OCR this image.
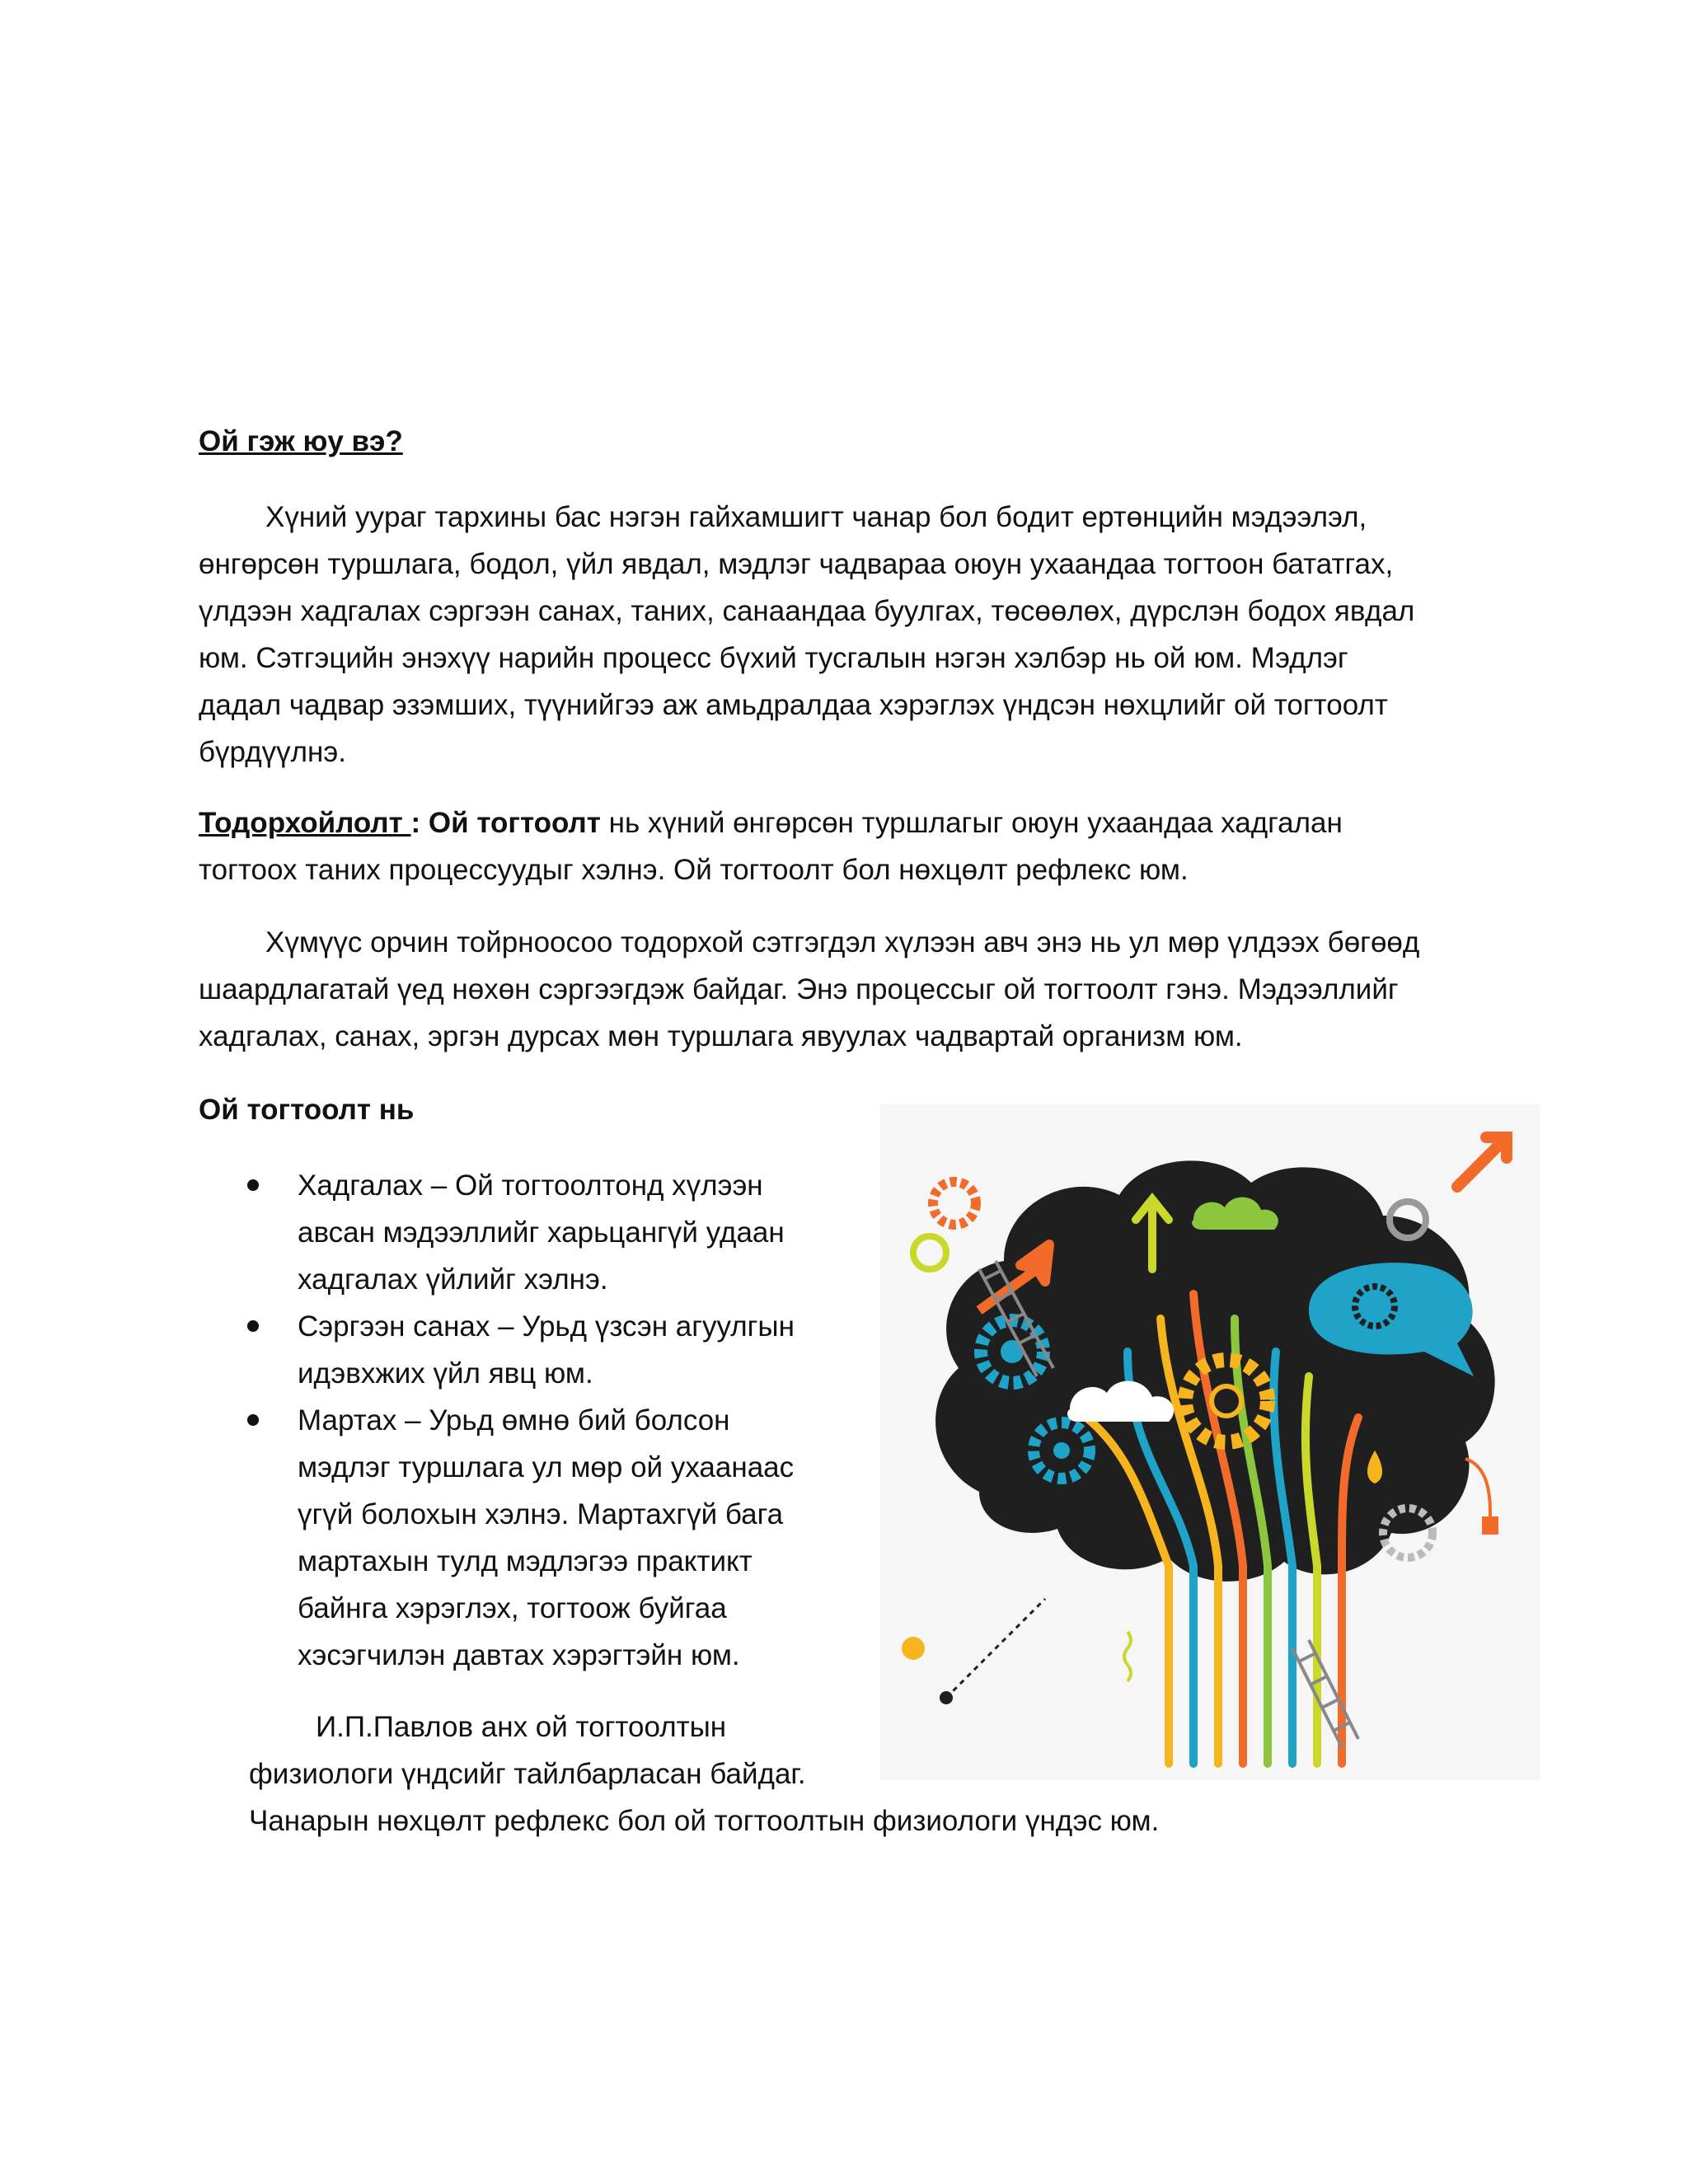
Ой гэж юу вэ?
Хүний ууpаг тархины бас нэгэн гайхамшигт чанар бол бодит ертөнцийн мэдээлэл,
өнгөрсөн туршлага, бодол, үйл явдал, мэдлэг чадвараа оюун ухаандаа тогтоон бататгах,
үлдээн хадгалах сэргээн санах, таних, санаандаа буулгах, төсөөлөх, дүрслэн бодох явдал
юм. Сэтгэцийн энэхүү нарийн процесс бүхий тусгалын нэгэн хэлбэр нь ой юм. Мэдлэг
дадал чадвар эзэмших, түүнийгээ аж амьдралдаа хэрэглэх үндсэн нөхцлийг ой тогтоолт
бүрдүүлнэ.
Тодорхойлолт : Ой тогтоолт нь хүний өнгөрсөн туршлагыг оюун ухаандаа хадгалан
тогтоох таних процессуудыг хэлнэ. Ой тогтоолт бол нөхцөлт рефлекс юм.
Хүмүүс орчин тойрноосоо тодорхой сэтгэгдэл хүлээн авч энэ нь ул мөр үлдээх бөгөөд
шаардлагатай үед нөхөн сэргээгдэж байдаг. Энэ процессыг ой тогтоолт гэнэ. Мэдээллийг
хадгалах, санах, эргэн дурсах мөн туршлага явуулах чадвартай организм юм.
Ой тогтоолт нь
Хадгалах – Ой тогтоолтонд хүлээн
авсан мэдээллийг харьцангүй удаан
хадгалах үйлийг хэлнэ.
Сэргээн санах – Урьд үзсэн агуулгын
идэвхжих үйл явц юм.
Мартах – Урьд өмнө бий болсон
мэдлэг туршлага ул мөр ой ухаанаас
үгүй болохын хэлнэ. Мартахгүй бага
мартахын тулд мэдлэгээ практикт
байнга хэрэглэх, тогтоож буйгаа
хэсэгчилэн давтах хэрэгтэйн юм.
И.П.Павлов анх ой тогтоолтын
физиологи үндсийг тайлбарласан байдаг.
Чанарын нөхцөлт рефлекс бол ой тогтоолтын физиологи үндэс юм.
